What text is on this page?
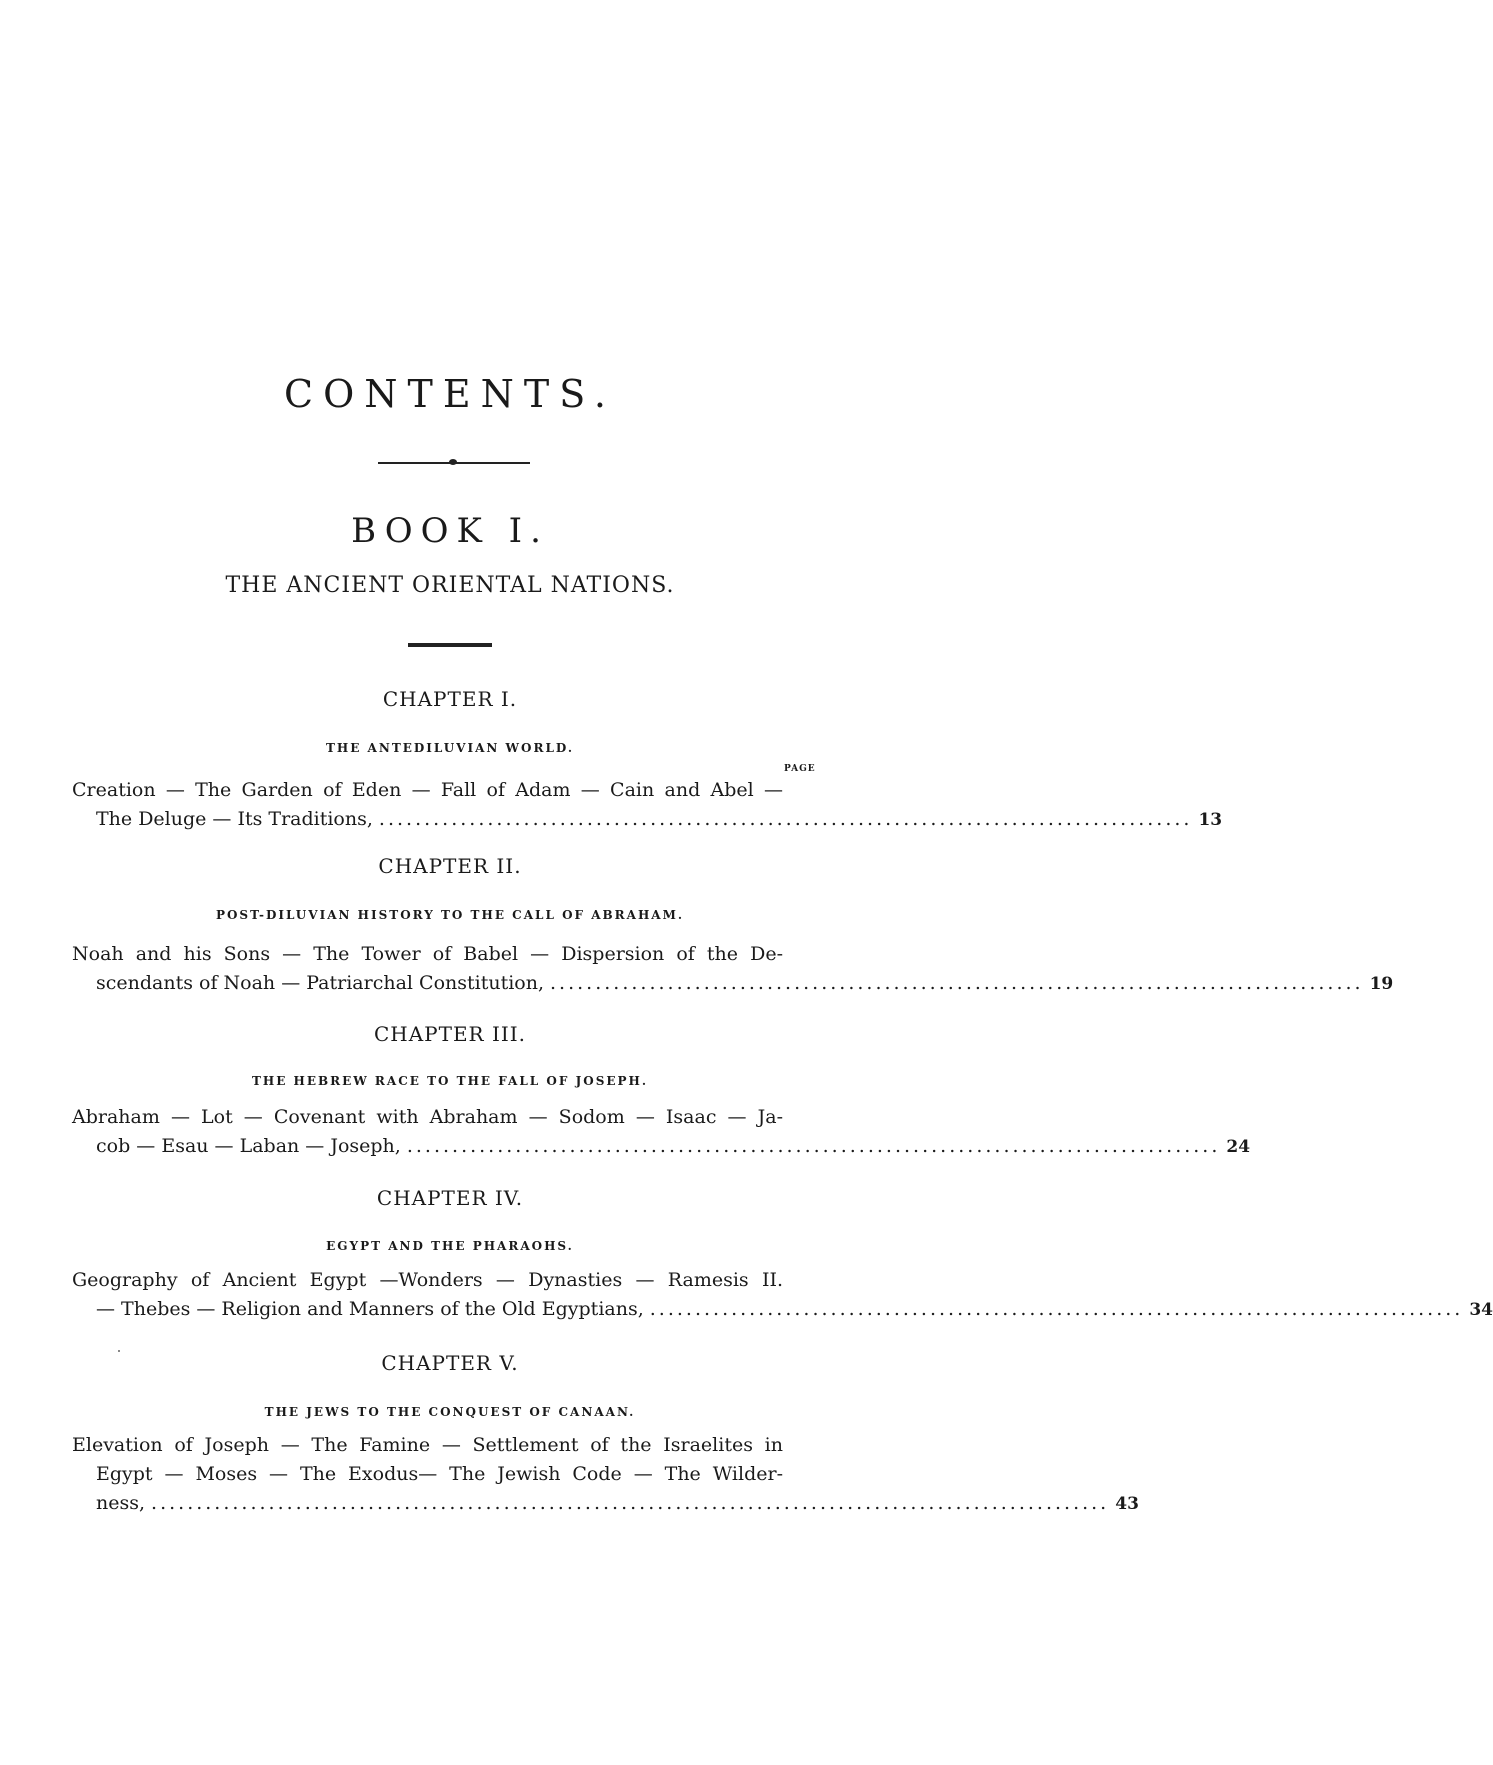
CONTENTS.
BOOK I.
THE ANCIENT ORIENTAL NATIONS.
CHAPTER I.
THE ANTEDILUVIAN WORLD.
PAGE
Creation — The Garden of Eden — Fall of Adam — Cain and Abel —
The Deluge — Its Traditions, .......................................................................................... 13
CHAPTER II.
POST-DILUVIAN HISTORY TO THE CALL OF ABRAHAM.
Noah and his Sons — The Tower of Babel — Dispersion of the De-
scendants of Noah — Patriarchal Constitution, .......................................................................................... 19
CHAPTER III.
THE HEBREW RACE TO THE FALL OF JOSEPH.
Abraham — Lot — Covenant with Abraham — Sodom — Isaac — Ja-
cob — Esau — Laban — Joseph, .......................................................................................... 24
CHAPTER IV.
EGYPT AND THE PHARAOHS.
Geography of Ancient Egypt —Wonders — Dynasties — Ramesis II.
— Thebes — Religion and Manners of the Old Egyptians, .......................................................................................... 34
CHAPTER V.
THE JEWS TO THE CONQUEST OF CANAAN.
Elevation of Joseph — The Famine — Settlement of the Israelites in
Egypt — Moses — The Exodus— The Jewish Code — The Wilder-
ness, .......................................................................................................... 43
